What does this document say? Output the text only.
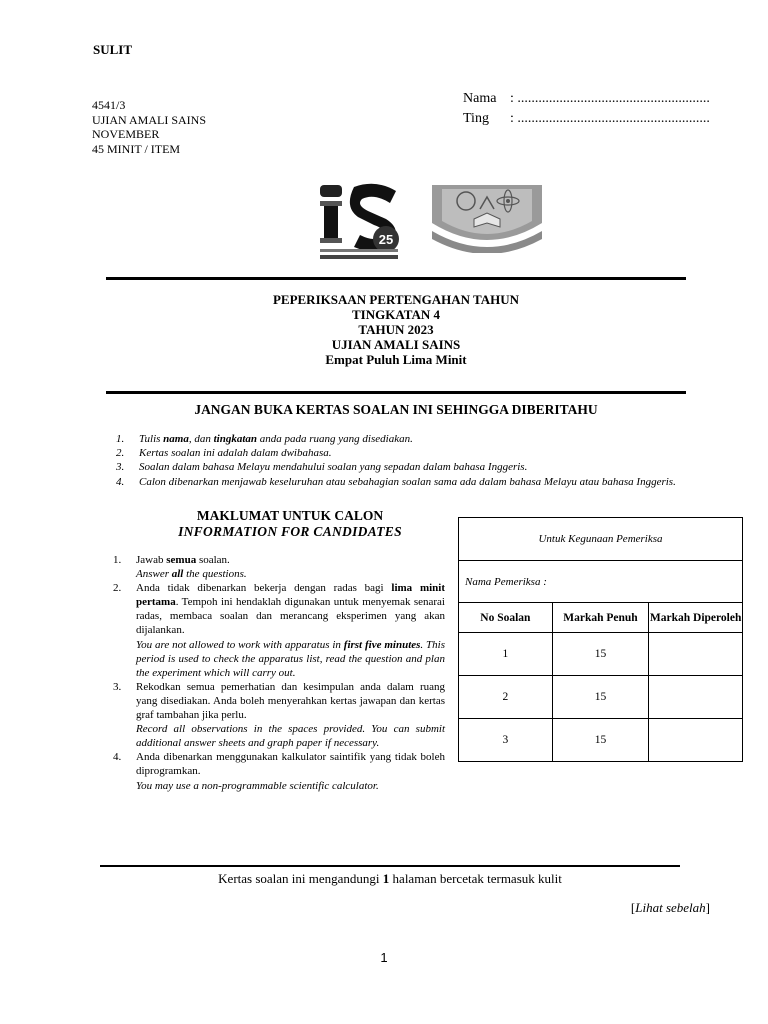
SULIT
4541/3
UJIAN AMALI SAINS
NOVEMBER
45 MINIT / ITEM
Nama : .......................................................
Ting	: .......................................................
25
PEPERIKSAAN PERTENGAHAN TAHUN
TINGKATAN 4
TAHUN 2023
UJIAN AMALI SAINS
Empat Puluh Lima Minit
JANGAN BUKA KERTAS SOALAN INI SEHINGGA DIBERITAHU
1.	Tulis nama, dan tingkatan anda pada ruang yang disediakan.
2.	Kertas soalan ini adalah dalam dwibahasa.
3.	Soalan dalam bahasa Melayu mendahului soalan yang sepadan dalam bahasa Inggeris.
4.	Calon dibenarkan menjawab keseluruhan atau sebahagian soalan sama ada dalam bahasa Melayu atau bahasa Inggeris.
MAKLUMAT UNTUK CALON
INFORMATION FOR CANDIDATES
1.	Jawab semua soalan.
Answer all the questions.
2.	Anda tidak dibenarkan bekerja dengan radas bagi lima minit pertama. Tempoh ini hendaklah digunakan untuk menyemak senarai radas, membaca soalan dan merancang eksperimen yang akan dijalankan.
You are not allowed to work with apparatus in first five minutes. This period is used to check the apparatus list, read the question and plan the experiment which will carry out.
3.	Rekodkan semua pemerhatian dan kesimpulan anda dalam ruang yang disediakan. Anda boleh menyerahkan kertas jawapan dan kertas graf tambahan jika perlu.
Record all observations in the spaces provided. You can submit additional answer sheets and graph paper if necessary.
4.	Anda dibenarkan menggunakan kalkulator saintifik yang tidak boleh diprogramkan.
You may use a non-programmable scientific calculator.
Untuk Kegunaan Pemeriksa		
Nama Pemeriksa :		
No Soalan	Markah Penuh	Markah Diperoleh
1	15	
2	15	
3	15	
Kertas soalan ini mengandungi 1 halaman bercetak termasuk kulit
[Lihat sebelah]
1
